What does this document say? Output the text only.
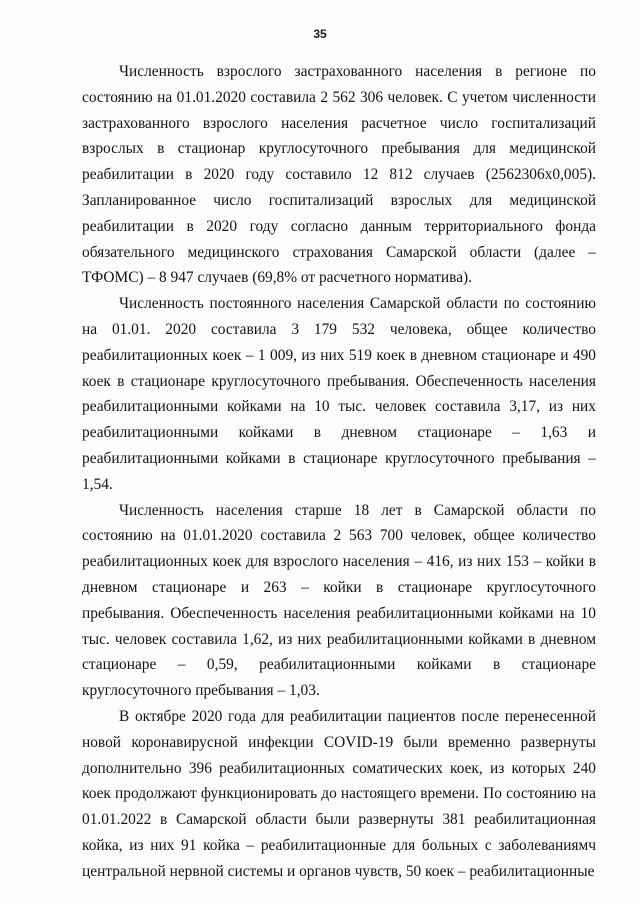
35

Численность взрослого застрахованного населения в регионе по состоянию на 01.01.2020 составила 2 562 306 человек. С учетом численности застрахованного взрослого населения расчетное число госпитализаций взрослых в стационар круглосуточного пребывания для медицинской реабилитации в 2020 году составило 12 812 случаев (2562306х0,005). Запланированное число госпитализаций взрослых для медицинской реабилитации в 2020 году согласно данным территориального фонда обязательного медицинского страхования Самарской области (далее – ТФОМС) – 8 947 случаев (69,8% от расчетного норматива).

Численность постоянного населения Самарской области по состоянию на 01.01. 2020 составила 3 179 532 человека, общее количество реабилитационных коек – 1 009, из них 519 коек в дневном стационаре и 490 коек в стационаре круглосуточного пребывания. Обеспеченность населения реабилитационными койками на 10 тыс. человек составила 3,17, из них реабилитационными койками в дневном стационаре – 1,63 и реабилитационными койками в стационаре круглосуточного пребывания – 1,54.

Численность населения старше 18 лет в Самарской области по состоянию на 01.01.2020 составила 2 563 700 человек, общее количество реабилитационных коек для взрослого населения – 416, из них 153 – койки в дневном стационаре и 263 – койки в стационаре круглосуточного пребывания. Обеспеченность населения реабилитационными койками на 10 тыс. человек составила 1,62, из них реабилитационными койками в дневном стационаре – 0,59, реабилитационными койками в стационаре круглосуточного пребывания – 1,03.

В октябре 2020 года для реабилитации пациентов после перенесенной новой коронавирусной инфекции COVID-19 были временно развернуты дополнительно 396 реабилитационных соматических коек, из которых 240 коек продолжают функционировать до настоящего времени. По состоянию на 01.01.2022 в Самарской области были развернуты 381 реабилитационная койка, из них 91 койка – реабилитационные для больных с заболеваниямч центральной нервной системы и органов чувств, 50 коек – реабилитационные
